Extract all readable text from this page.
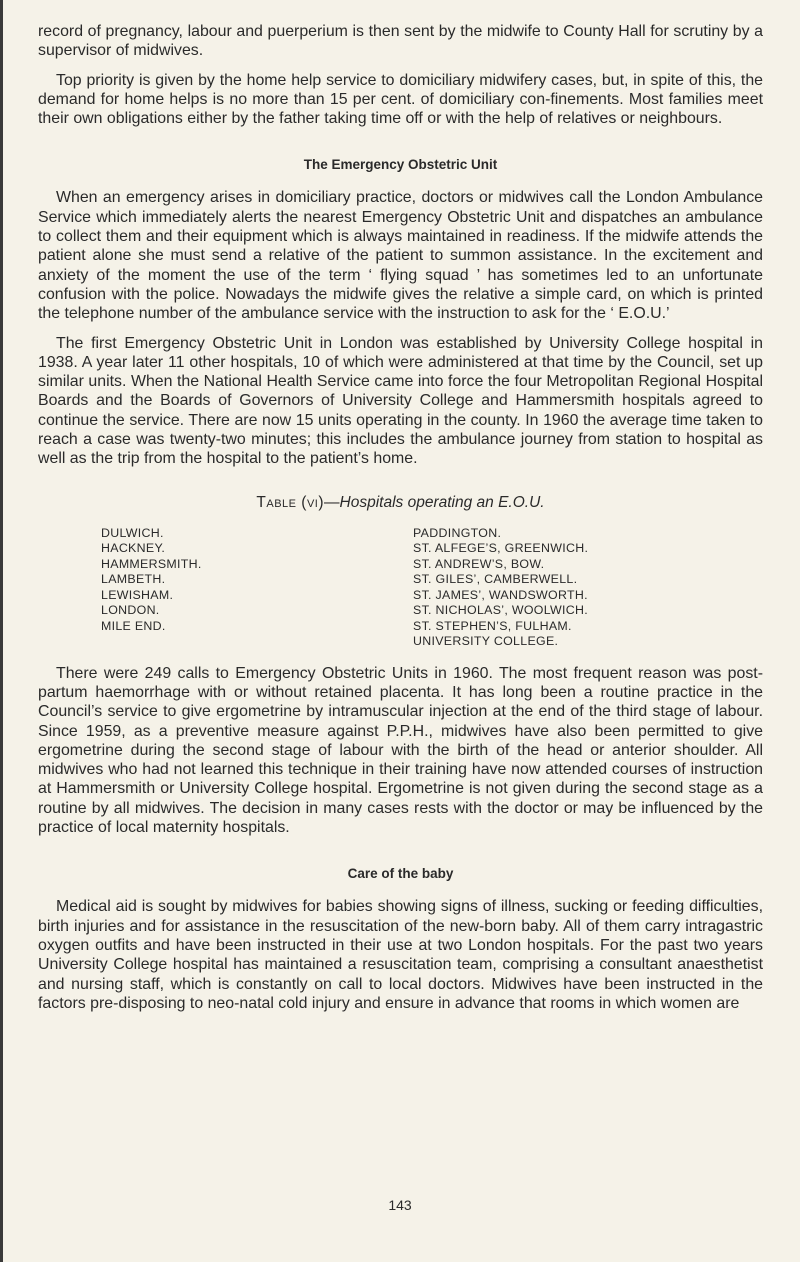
record of pregnancy, labour and puerperium is then sent by the midwife to County Hall for scrutiny by a supervisor of midwives.

Top priority is given by the home help service to domiciliary midwifery cases, but, in spite of this, the demand for home helps is no more than 15 per cent. of domiciliary con-finements. Most families meet their own obligations either by the father taking time off or with the help of relatives or neighbours.

The Emergency Obstetric Unit

When an emergency arises in domiciliary practice, doctors or midwives call the London Ambulance Service which immediately alerts the nearest Emergency Obstetric Unit and dispatches an ambulance to collect them and their equipment which is always maintained in readiness. If the midwife attends the patient alone she must send a relative of the patient to summon assistance. In the excitement and anxiety of the moment the use of the term ‘ flying squad ’ has sometimes led to an unfortunate confusion with the police. Nowadays the midwife gives the relative a simple card, on which is printed the telephone number of the ambulance service with the instruction to ask for the ‘ E.O.U.’

The first Emergency Obstetric Unit in London was established by University College hospital in 1938. A year later 11 other hospitals, 10 of which were administered at that time by the Council, set up similar units. When the National Health Service came into force the four Metropolitan Regional Hospital Boards and the Boards of Governors of University College and Hammersmith hospitals agreed to continue the service. There are now 15 units operating in the county. In 1960 the average time taken to reach a case was twenty-two minutes; this includes the ambulance journey from station to hospital as well as the trip from the hospital to the patient’s home.

Table (vi)—Hospitals operating an E.O.U.

DULWICH.
HACKNEY.
HAMMERSMITH.
LAMBETH.
LEWISHAM.
LONDON.
MILE END.
PADDINGTON.
ST. ALFEGE’S, GREENWICH.
ST. ANDREW’S, BOW.
ST. GILES’, CAMBERWELL.
ST. JAMES’, WANDSWORTH.
ST. NICHOLAS’, WOOLWICH.
ST. STEPHEN’S, FULHAM.
UNIVERSITY COLLEGE.

There were 249 calls to Emergency Obstetric Units in 1960. The most frequent reason was post-partum haemorrhage with or without retained placenta. It has long been a routine practice in the Council’s service to give ergometrine by intramuscular injection at the end of the third stage of labour. Since 1959, as a preventive measure against P.P.H., midwives have also been permitted to give ergometrine during the second stage of labour with the birth of the head or anterior shoulder. All midwives who had not learned this technique in their training have now attended courses of instruction at Hammersmith or University College hospital. Ergometrine is not given during the second stage as a routine by all midwives. The decision in many cases rests with the doctor or may be influenced by the practice of local maternity hospitals.

Care of the baby

Medical aid is sought by midwives for babies showing signs of illness, sucking or feeding difficulties, birth injuries and for assistance in the resuscitation of the new-born baby. All of them carry intragastric oxygen outfits and have been instructed in their use at two London hospitals. For the past two years University College hospital has maintained a resuscitation team, comprising a consultant anaesthetist and nursing staff, which is constantly on call to local doctors. Midwives have been instructed in the factors pre-disposing to neo-natal cold injury and ensure in advance that rooms in which women are

143
